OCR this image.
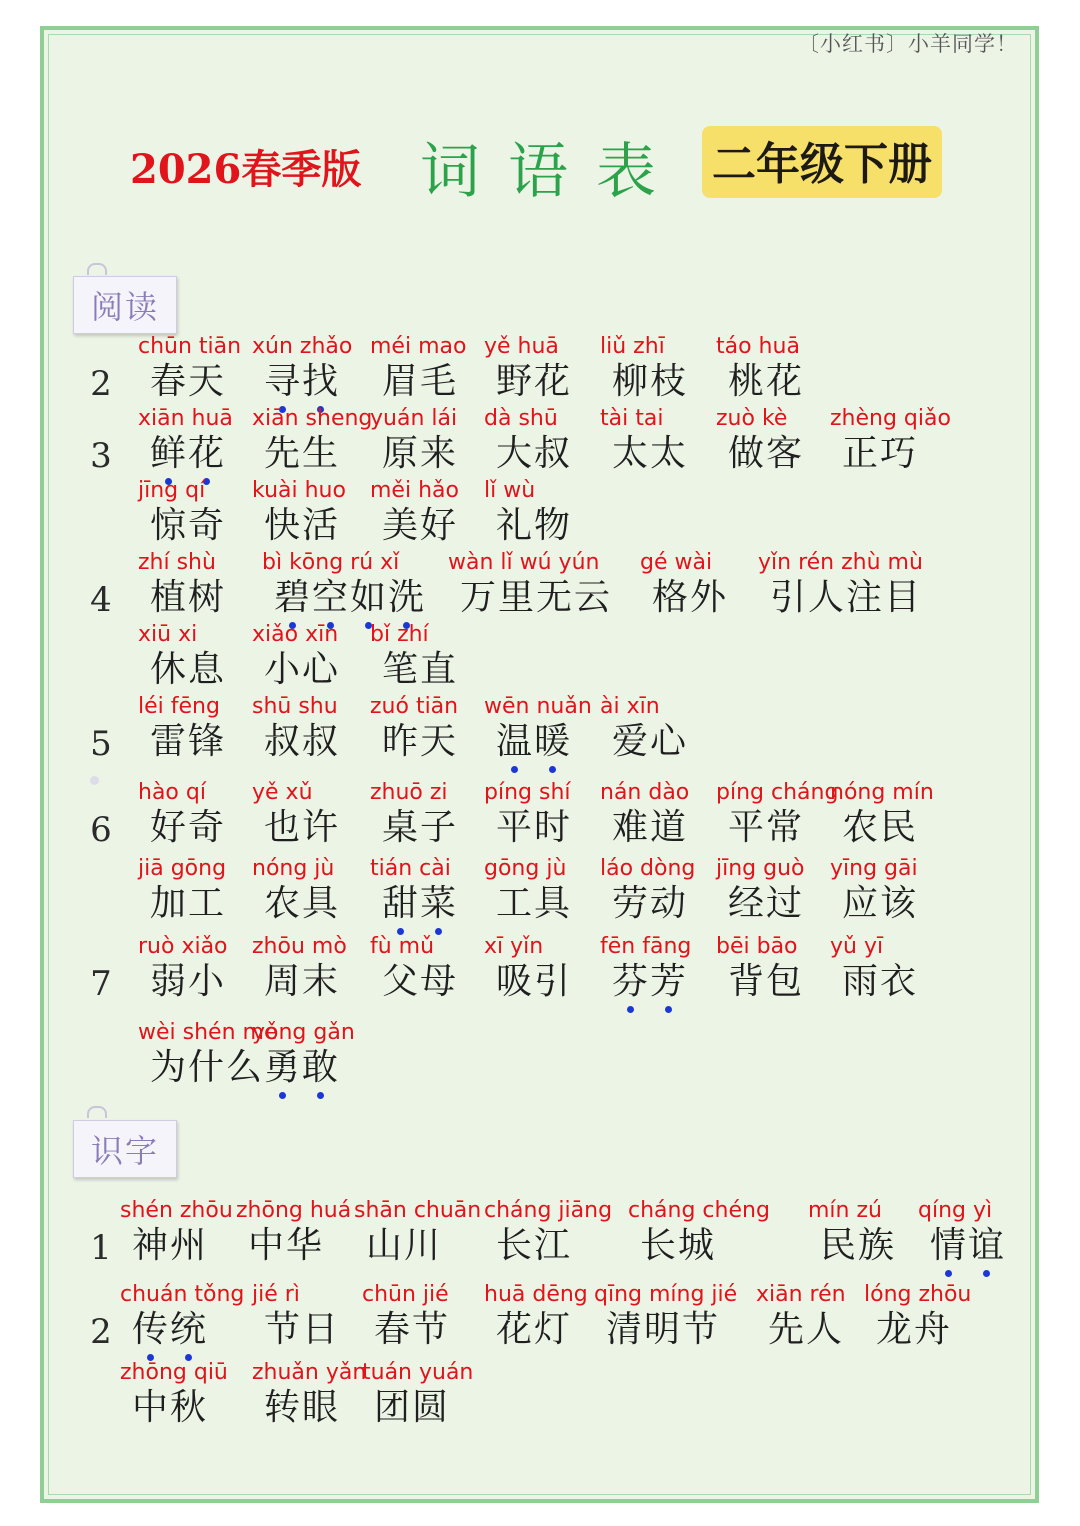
〔小红书〕小羊同学！
2026春季版 词语表 二年级下册
阅读
识字
2
chūn tiān
春天
xún zhǎo
寻找
méi mao
眉毛
yě huā
野花
liǔ zhī
柳枝
táo huā
桃花
3
xiān huā
鲜花
xiān sheng
先生
yuán lái
原来
dà shū
大叔
tài tai
太太
zuò kè
做客
zhèng qiǎo
正巧
jīng qí
惊奇
kuài huo
快活
měi hǎo
美好
lǐ wù
礼物
4
zhí shù
植树
bì kōng rú xǐ
碧空如洗
wàn lǐ wú yún
万里无云
gé wài
格外
yǐn rén zhù mù
引人注目
xiū xi
休息
xiǎo xīn
小心
bǐ zhí
笔直
5
léi fēng
雷锋
shū shu
叔叔
zuó tiān
昨天
wēn nuǎn
温暖
ài xīn
爱心
6
hào qí
好奇
yě xǔ
也许
zhuō zi
桌子
píng shí
平时
nán dào
难道
píng cháng
平常
nóng mín
农民
jiā gōng
加工
nóng jù
农具
tián cài
甜菜
gōng jù
工具
láo dòng
劳动
jīng guò
经过
yīng gāi
应该
7
ruò xiǎo
弱小
zhōu mò
周末
fù mǔ
父母
xī yǐn
吸引
fēn fāng
芬芳
bēi bāo
背包
yǔ yī
雨衣
wèi shén me
为什么
yǒng gǎn
勇敢
1
shén zhōu
神州
zhōng huá
中华
shān chuān
山川
cháng jiāng
长江
cháng chéng
长城
mín zú
民族
qíng yì
情谊
2
chuán tǒng
传统
jié rì
节日
chūn jié
春节
huā dēng
花灯
qīng míng jié
清明节
xiān rén
先人
lóng zhōu
龙舟
zhōng qiū
中秋
zhuǎn yǎn
转眼
tuán yuán
团圆
